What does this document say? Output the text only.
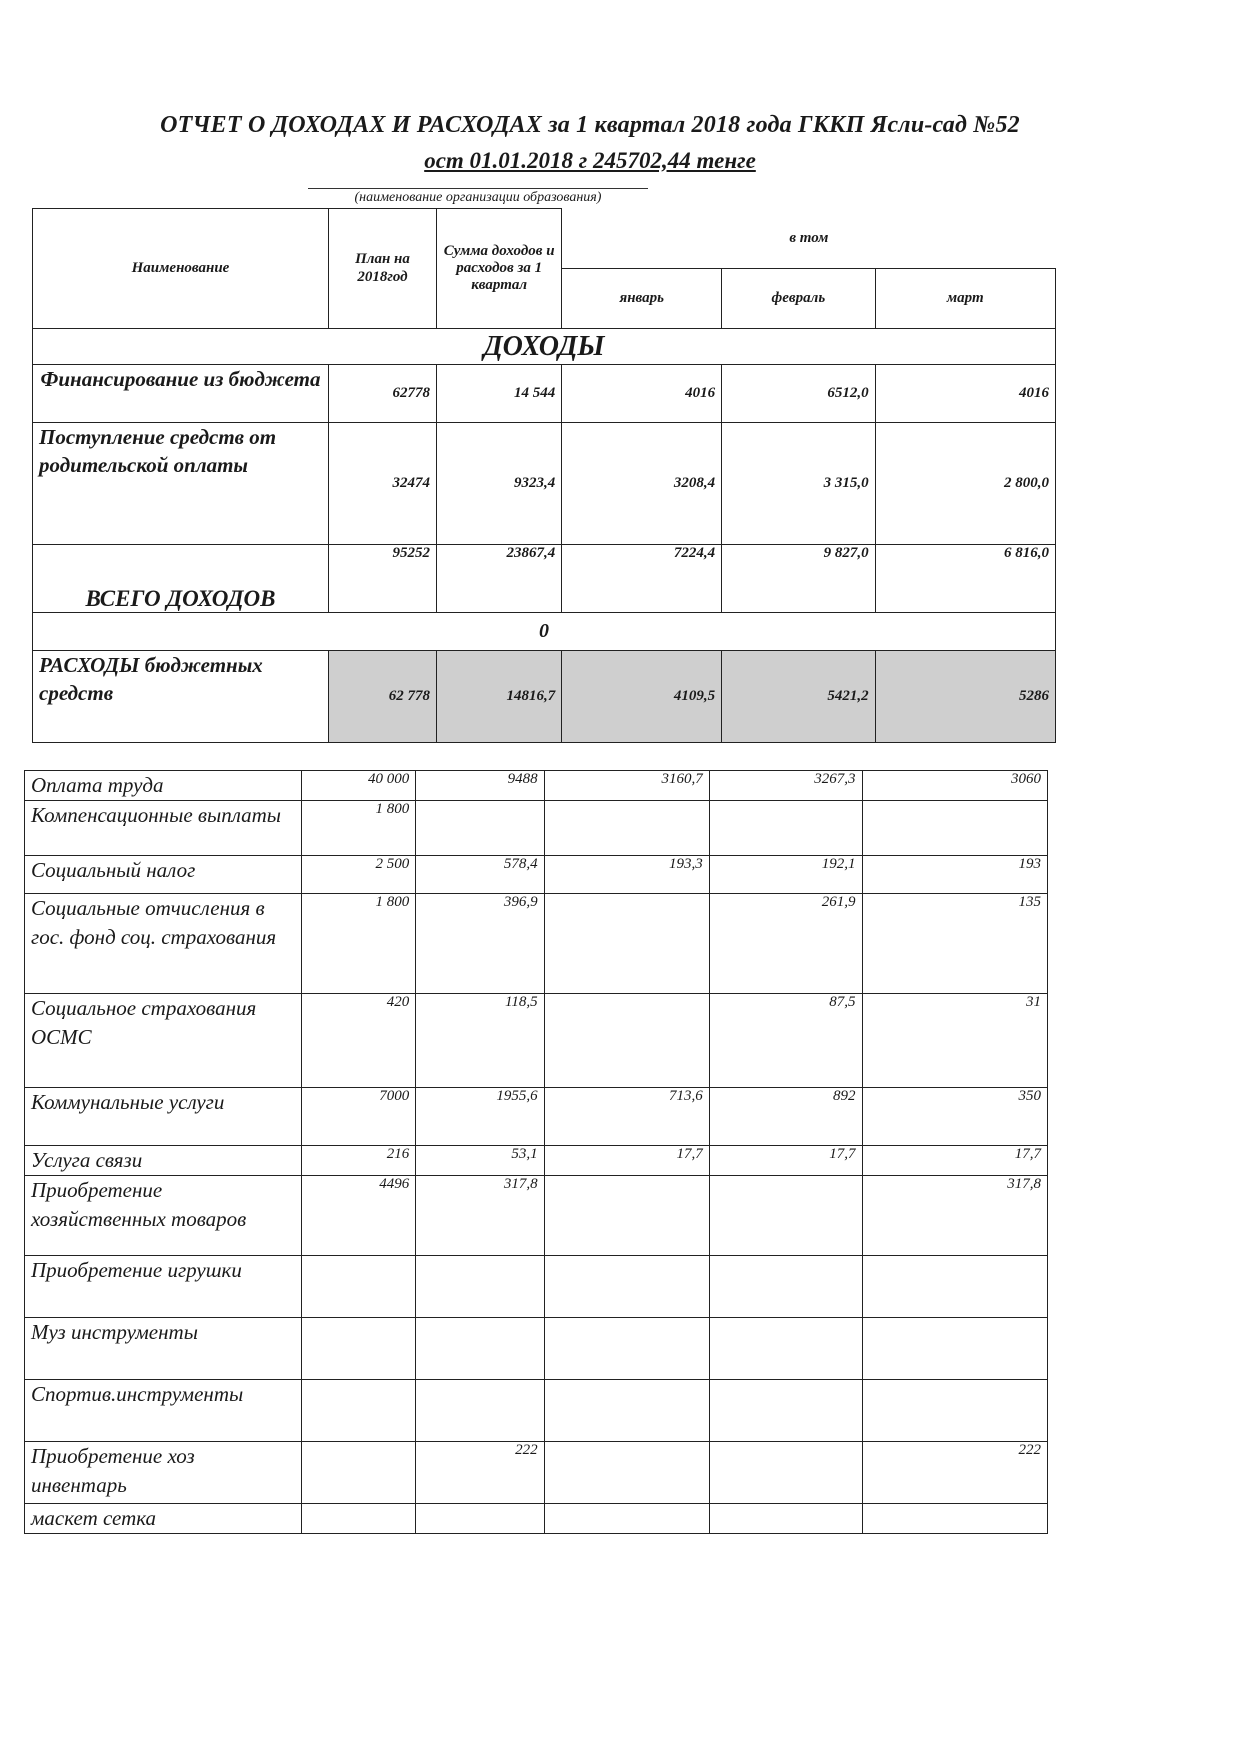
ОТЧЕТ О ДОХОДАХ И РАСХОДАХ за 1 квартал 2018 года ГККП Ясли-сад №52
ост 01.01.2018 г 245702,44 тенге
(наименование организации образования)
Наименование	План на 2018год	Сумма доходов и расходов за 1 квартал	в том		
			январь	февраль	март
ДОХОДЫ					
Финансирование из бюджета	62778	14 544	4016	6512,0	4016
Поступление средств от родительской оплаты	32474	9323,4	3208,4	3 315,0	2 800,0
ВСЕГО ДОХОДОВ	95252	23867,4	7224,4	9 827,0	6 816,0
0					
РАСХОДЫ бюджетных средств	62 778	14816,7	4109,5	5421,2	5286
Оплата труда	40 000	9488	3160,7	3267,3	3060
Компенсационные выплаты	1 800				
Социальный налог	2 500	578,4	193,3	192,1	193
Социальные отчисления в гос. фонд соц. страхования	1 800	396,9		261,9	135
Социальное страхования ОСМС	420	118,5		87,5	31
Коммунальные услуги	7000	1955,6	713,6	892	350
Услуга связи	216	53,1	17,7	17,7	17,7
Приобретение хозяйственных товаров	4496	317,8			317,8
Приобретение игрушки					
Муз инструменты					
Спортив.инструменты					
Приобретение хоз инвентарь		222			222
маскет сетка					
